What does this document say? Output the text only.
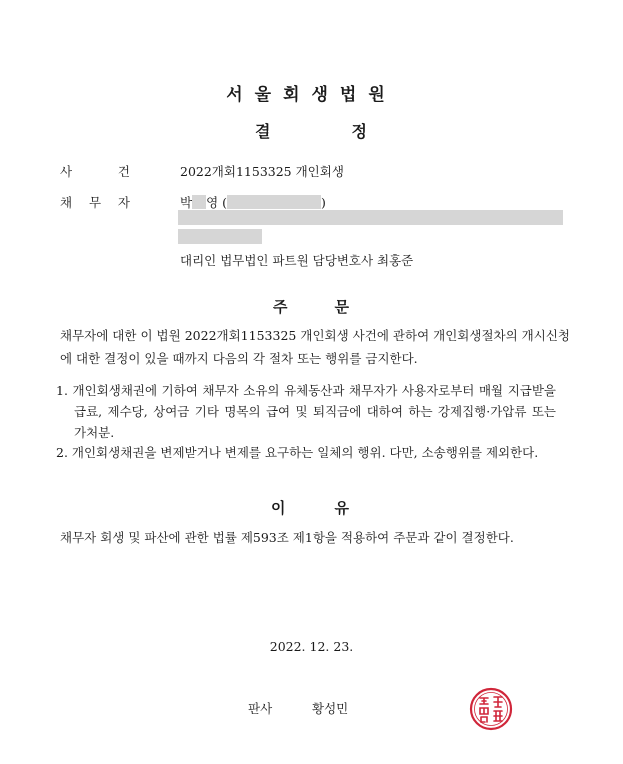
서울회생법원
결	정
사	건	2022개회1153325 개인회생
채 무 자	박 영 (	)
대리인 법무법인 파트원 담당변호사 최홍준
주	문
채무자에 대한 이 법원 2022개회1153325 개인회생 사건에 관하여 개인회생절차의 개시신청에 대한 결정이 있을 때까지 다음의 각 절차 또는 행위를 금지한다.
1. 개인회생채권에 기하여 채무자 소유의 유체동산과 채무자가 사용자로부터 매월 지급받을 급료, 제수당, 상여금 기타 명목의 급여 및 퇴직금에 대하여 하는 강제집행·가압류 또는 가처분.
2. 개인회생채권을 변제받거나 변제를 요구하는 일체의 행위. 다만, 소송행위를 제외한다.
이	유
채무자 회생 및 파산에 관한 법률 제593조 제1항을 적용하여 주문과 같이 결정한다.
2022. 12. 23.
판사	황성민
